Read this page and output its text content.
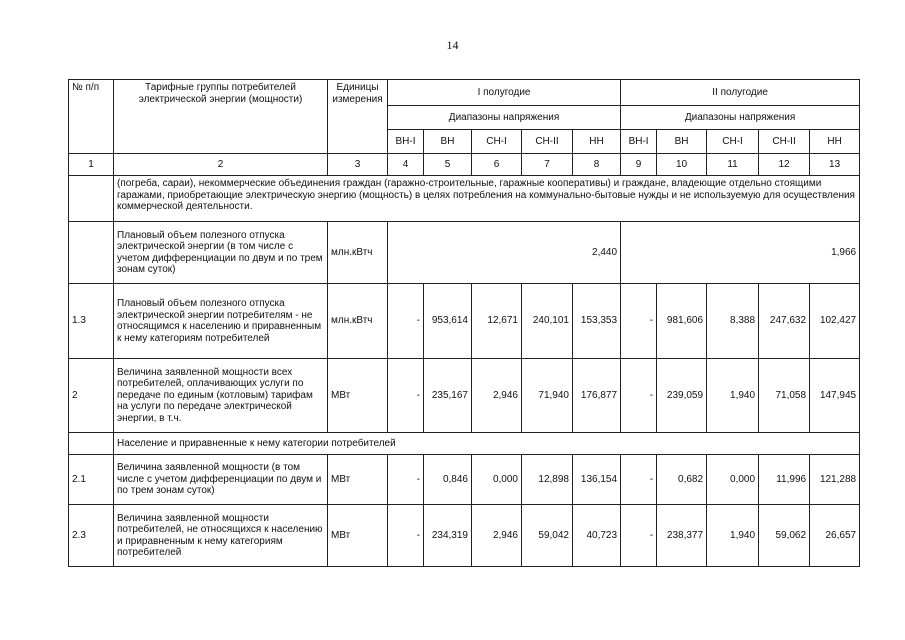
14
№ п/п	Тарифные группы потребителей электрической энергии (мощности)	Единицы измерения	I полугодие					II полугодие				
			Диапазоны напряжения					Диапазоны напряжения				
			ВН-I	ВН	СН-I	СН-II	НН	ВН-I	ВН	СН-I	СН-II	НН
1	2	3	4	5	6	7	8	9	10	11	12	13
	(погреба, сараи), некоммерческие объединения граждан (гаражно-строительные, гаражные кооперативы) и граждане, владеющие отдельно стоящими гаражами, приобретающие электрическую энергию (мощность) в целях потребления на коммунально-бытовые нужды и не используемую для осуществления коммерческой деятельности.											
	Плановый объем полезного отпуска электрической энергии (в том числе с учетом дифференциации по двум и по трем зонам суток)	млн.кВтч	2,440					1,966				
1.3	Плановый объем полезного отпуска электрической энергии потребителям - не относящимся к населению и приравненным к нему категориям потребителей	млн.кВтч	-	953,614	12,671	240,101	153,353	-	981,606	8,388	247,632	102,427
2	Величина заявленной мощности всех потребителей, оплачивающих услуги по передаче по единым (котловым) тарифам на услуги по передаче электрической энергии, в т.ч.	МВт	-	235,167	2,946	71,940	176,877	-	239,059	1,940	71,058	147,945
	Население и приравненные к нему категории потребителей											
2.1	Величина заявленной мощности (в том числе с учетом дифференциации по двум и по трем зонам суток)	МВт	-	0,846	0,000	12,898	136,154	-	0,682	0,000	11,996	121,288
2.3	Величина заявленной мощности потребителей, не относящихся к населению и приравненным к нему категориям потребителей	МВт	-	234,319	2,946	59,042	40,723	-	238,377	1,940	59,062	26,657
